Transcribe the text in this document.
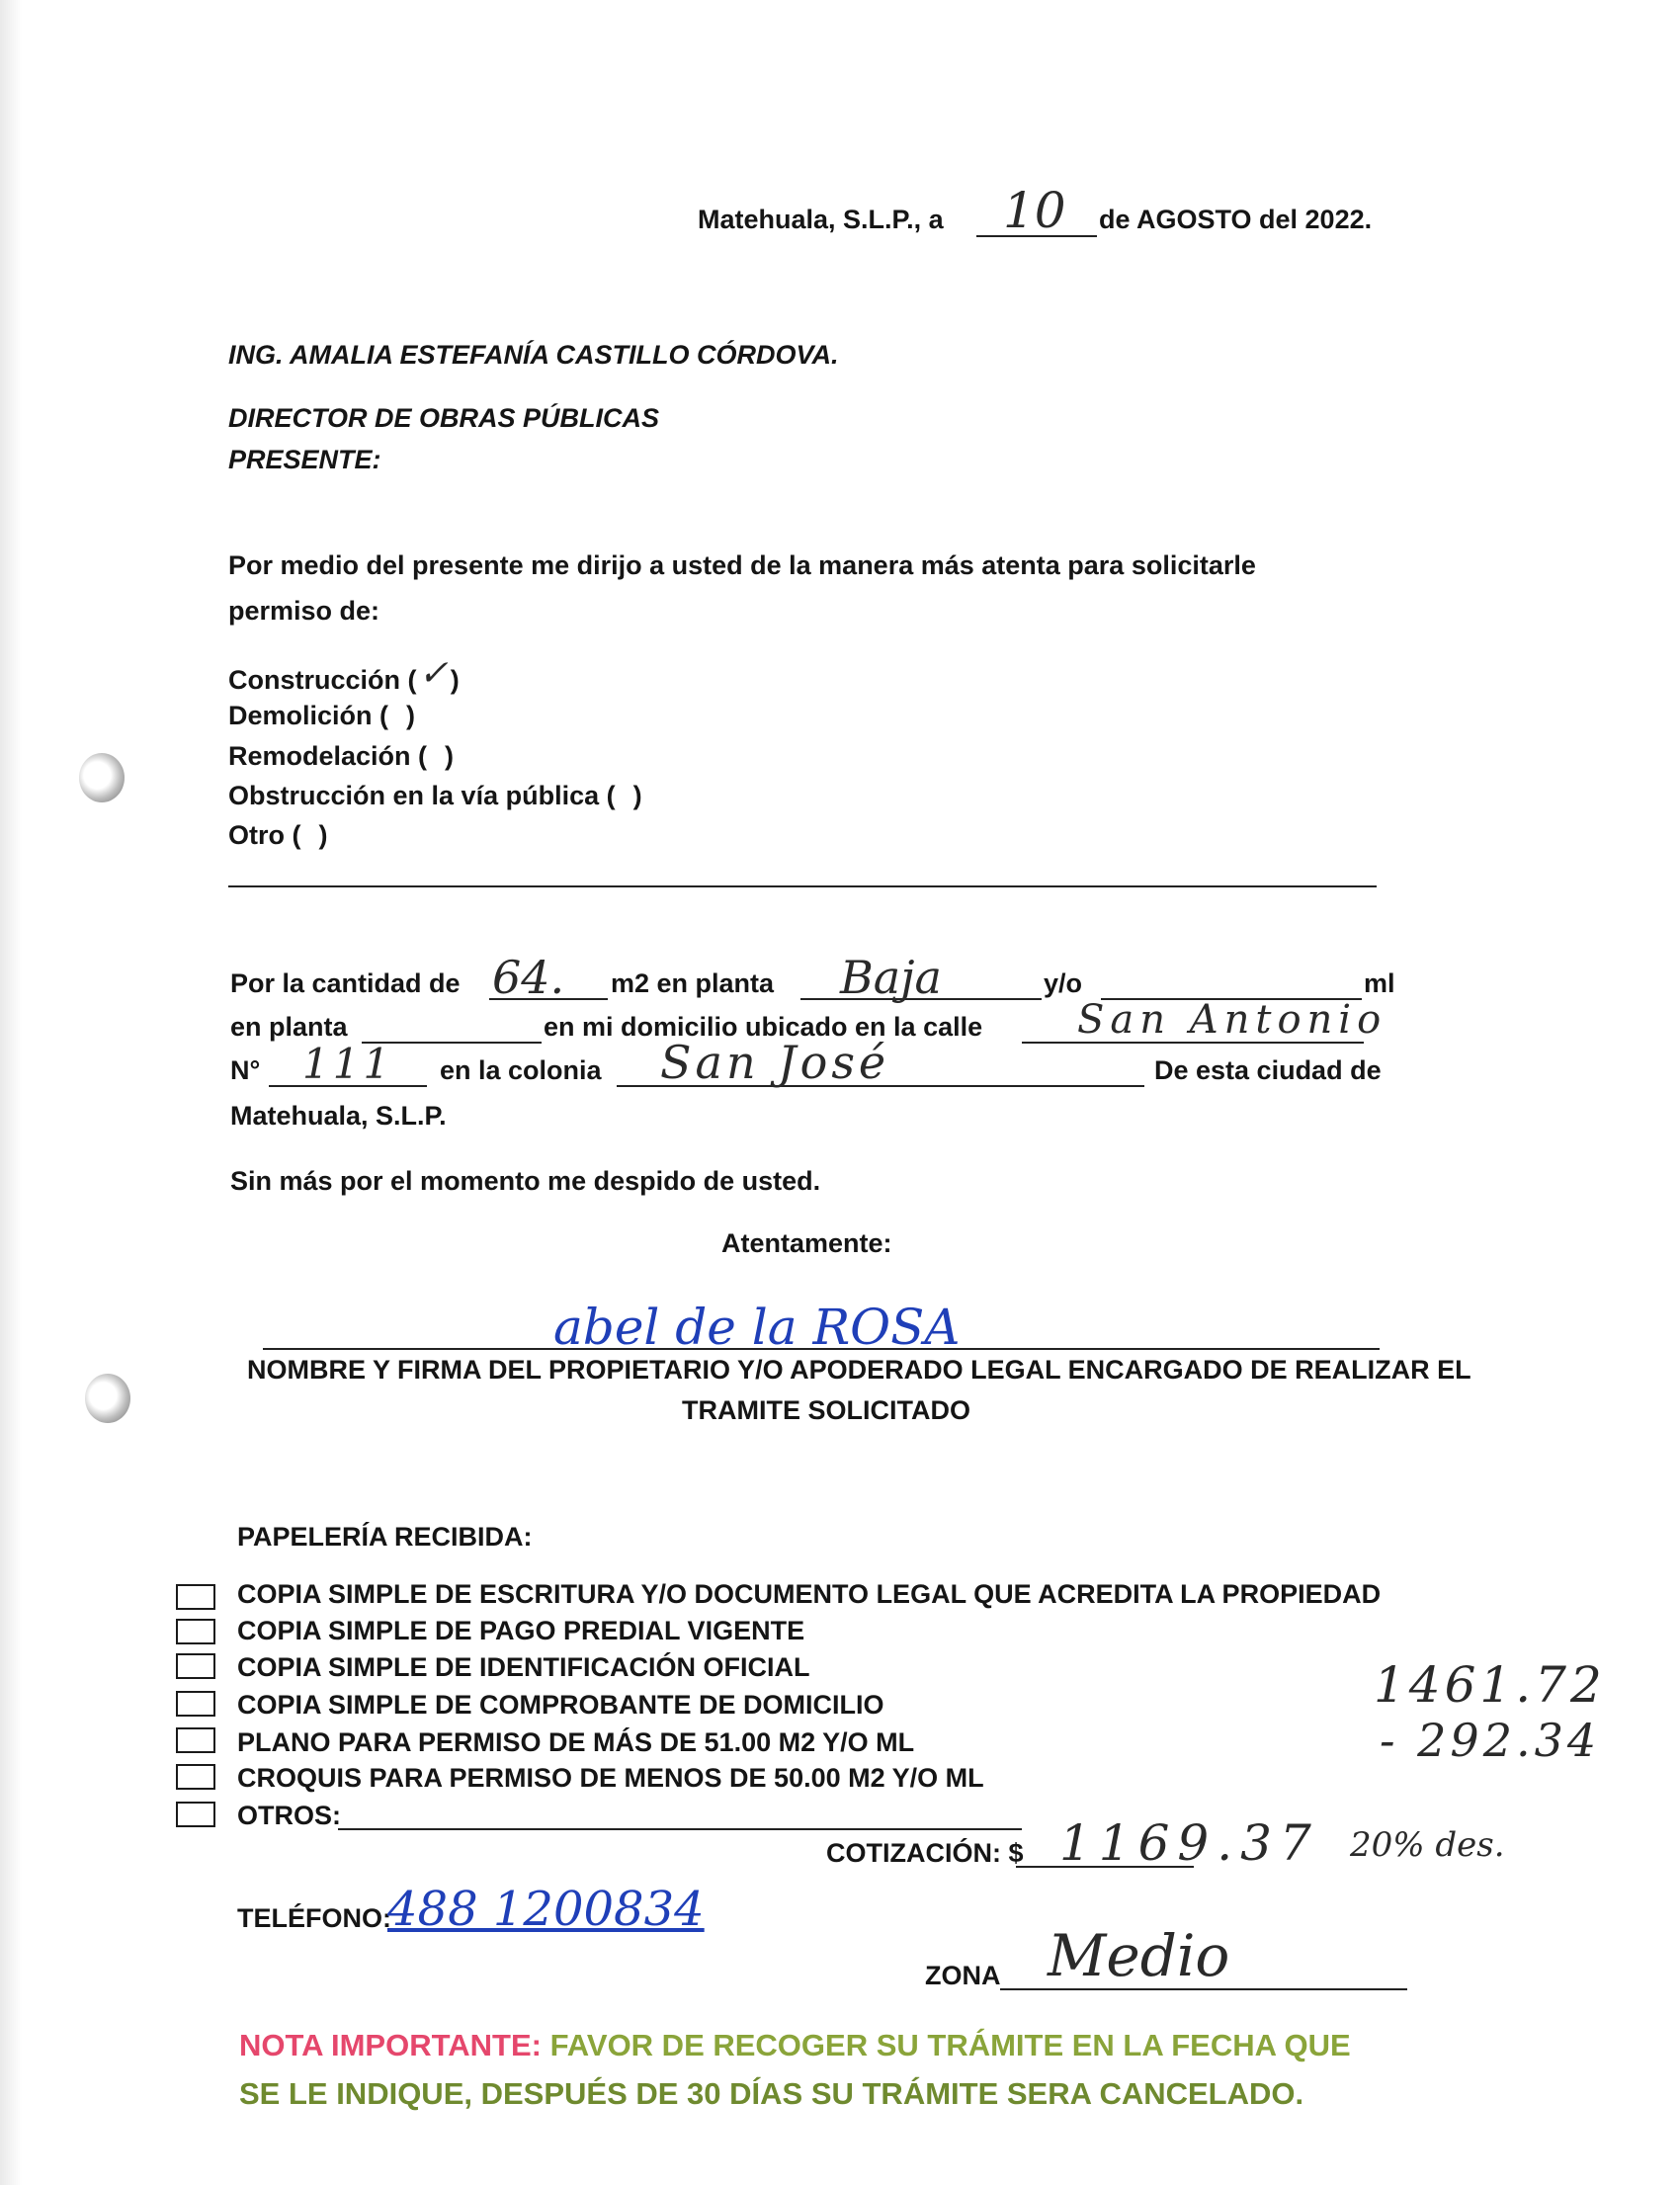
Matehuala, S.L.P., a 10 de AGOSTO del 2022.
ING. AMALIA ESTEFANÍA CASTILLO CÓRDOVA.
DIRECTOR DE OBRAS PÚBLICAS
PRESENTE:
Por medio del presente me dirijo a usted de la manera más atenta para solicitarle
permiso de:
Construcción (✓)
Demolición ( )
Remodelación ( )
Obstrucción en la vía pública ( )
Otro ( )
Por la cantidad de 64. m2 en planta Baja	y/o	ml
en planta	en mi domicilio ubicado en la calle San Antonio
N° 111 en la colonia San José	De esta ciudad de
Matehuala, S.L.P.
Sin más por el momento me despido de usted.
Atentamente:
abel de la ROSA
NOMBRE Y FIRMA DEL PROPIETARIO Y/O APODERADO LEGAL ENCARGADO DE REALIZAR EL
TRAMITE SOLICITADO
PAPELERÍA RECIBIDA:
COPIA SIMPLE DE ESCRITURA Y/O DOCUMENTO LEGAL QUE ACREDITA LA PROPIEDAD
COPIA SIMPLE DE PAGO PREDIAL VIGENTE
COPIA SIMPLE DE IDENTIFICACIÓN OFICIAL
COPIA SIMPLE DE COMPROBANTE DE DOMICILIO
PLANO PARA PERMISO DE MÁS DE 51.00 M2 Y/O ML
CROQUIS PARA PERMISO DE MENOS DE 50.00 M2 Y/O ML
OTROS:
1461.72
- 292.34
COTIZACIÓN: $ 1169.37 20% des.
TELÉFONO:
488 1200834
ZONA Medio
NOTA IMPORTANTE: FAVOR DE RECOGER SU TRÁMITE EN LA FECHA QUE
SE LE INDIQUE, DESPUÉS DE 30 DÍAS SU TRÁMITE SERA CANCELADO.
